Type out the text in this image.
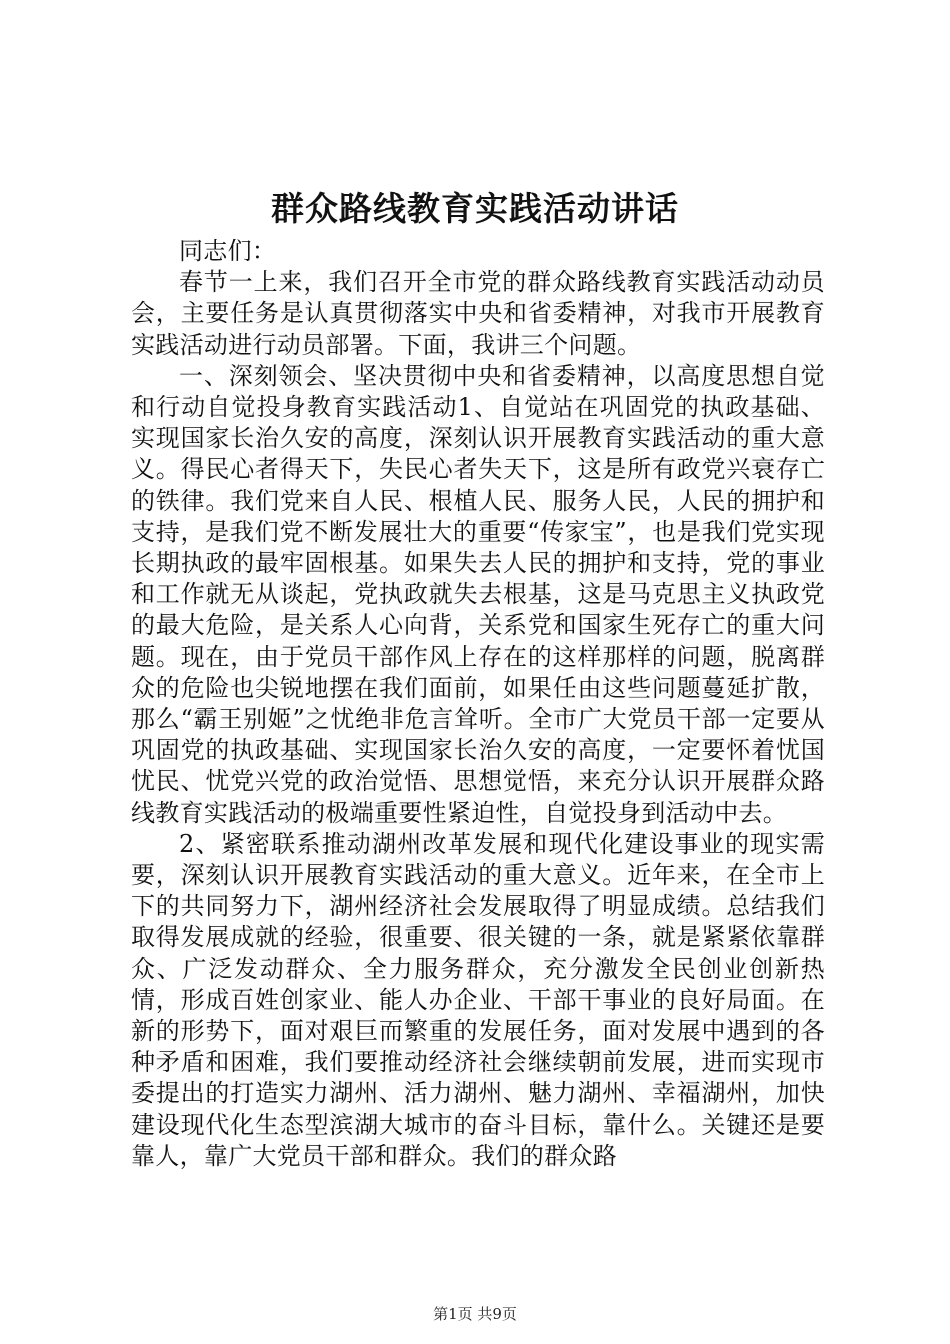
群众路线教育实践活动讲话

同志们：

春节一上来，我们召开全市党的群众路线教育实践活动动员会，主要任务是认真贯彻落实中央和省委精神，对我市开展教育实践活动进行动员部署。下面，我讲三个问题。

一、深刻领会、坚决贯彻中央和省委精神，以高度思想自觉和行动自觉投身教育实践活动1、自觉站在巩固党的执政基础、实现国家长治久安的高度，深刻认识开展教育实践活动的重大意义。得民心者得天下，失民心者失天下，这是所有政党兴衰存亡的铁律。我们党来自人民、根植人民、服务人民，人民的拥护和支持，是我们党不断发展壮大的重要“传家宝”，也是我们党实现长期执政的最牢固根基。如果失去人民的拥护和支持，党的事业和工作就无从谈起，党执政就失去根基，这是马克思主义执政党的最大危险，是关系人心向背，关系党和国家生死存亡的重大问题。现在，由于党员干部作风上存在的这样那样的问题，脱离群众的危险也尖锐地摆在我们面前，如果任由这些问题蔓延扩散，那么“霸王别姬”之忧绝非危言耸听。全市广大党员干部一定要从巩固党的执政基础、实现国家长治久安的高度，一定要怀着忧国忧民、忧党兴党的政治觉悟、思想觉悟，来充分认识开展群众路线教育实践活动的极端重要性紧迫性，自觉投身到活动中去。

2、紧密联系推动湖州改革发展和现代化建设事业的现实需要，深刻认识开展教育实践活动的重大意义。近年来，在全市上下的共同努力下，湖州经济社会发展取得了明显成绩。总结我们取得发展成就的经验，很重要、很关键的一条，就是紧紧依靠群众、广泛发动群众、全力服务群众，充分激发全民创业创新热情，形成百姓创家业、能人办企业、干部干事业的良好局面。在新的形势下，面对艰巨而繁重的发展任务，面对发展中遇到的各种矛盾和困难，我们要推动经济社会继续朝前发展，进而实现市委提出的打造实力湖州、活力湖州、魅力湖州、幸福湖州，加快建设现代化生态型滨湖大城市的奋斗目标，靠什么。关键还是要靠人，靠广大党员干部和群众。我们的群众路

第1页 共9页
